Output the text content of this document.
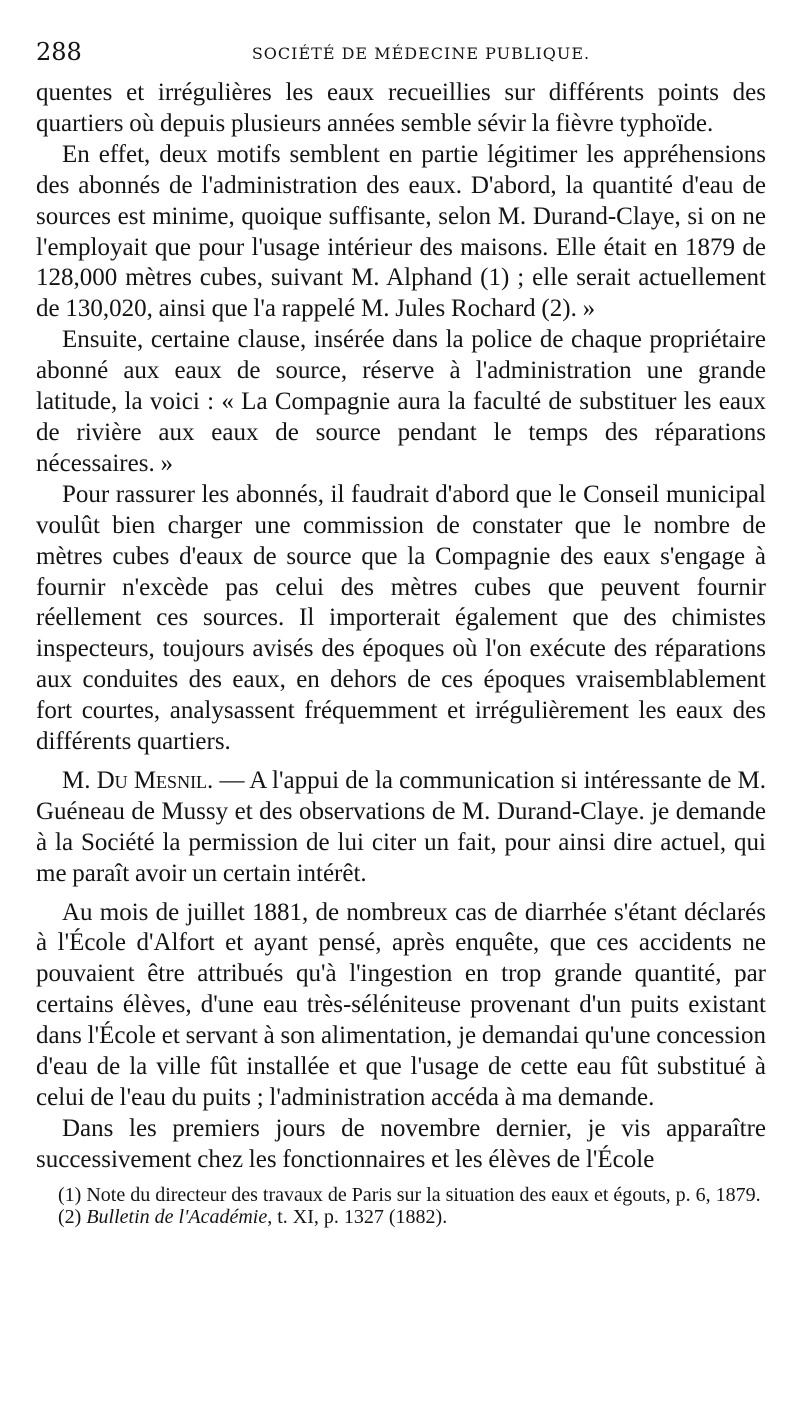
288	SOCIÉTÉ DE MÉDECINE PUBLIQUE.

quentes et irrégulières les eaux recueillies sur différents points des quartiers où depuis plusieurs années semble sévir la fièvre typhoïde.

En effet, deux motifs semblent en partie légitimer les appréhensions des abonnés de l'administration des eaux. D'abord, la quantité d'eau de sources est minime, quoique suffisante, selon M. Durand-Claye, si on ne l'employait que pour l'usage intérieur des maisons. Elle était en 1879 de 128,000 mètres cubes, suivant M. Alphand (1) ; elle serait actuellement de 130,020, ainsi que l'a rappelé M. Jules Rochard (2). »

Ensuite, certaine clause, insérée dans la police de chaque propriétaire abonné aux eaux de source, réserve à l'administration une grande latitude, la voici : « La Compagnie aura la faculté de substituer les eaux de rivière aux eaux de source pendant le temps des réparations nécessaires. »

Pour rassurer les abonnés, il faudrait d'abord que le Conseil municipal voulût bien charger une commission de constater que le nombre de mètres cubes d'eaux de source que la Compagnie des eaux s'engage à fournir n'excède pas celui des mètres cubes que peuvent fournir réellement ces sources. Il importerait également que des chimistes inspecteurs, toujours avisés des époques où l'on exécute des réparations aux conduites des eaux, en dehors de ces époques vraisemblablement fort courtes, analysassent fréquemment et irrégulièrement les eaux des différents quartiers.

M. Du Mesnil. — A l'appui de la communication si intéressante de M. Guéneau de Mussy et des observations de M. Durand-Claye. je demande à la Société la permission de lui citer un fait, pour ainsi dire actuel, qui me paraît avoir un certain intérêt.

Au mois de juillet 1881, de nombreux cas de diarrhée s'étant déclarés à l'École d'Alfort et ayant pensé, après enquête, que ces accidents ne pouvaient être attribués qu'à l'ingestion en trop grande quantité, par certains élèves, d'une eau très-séléniteuse provenant d'un puits existant dans l'École et servant à son alimentation, je demandai qu'une concession d'eau de la ville fût installée et que l'usage de cette eau fût substitué à celui de l'eau du puits ; l'administration accéda à ma demande.

Dans les premiers jours de novembre dernier, je vis apparaître successivement chez les fonctionnaires et les élèves de l'École

(1) Note du directeur des travaux de Paris sur la situation des eaux et égouts, p. 6, 1879.

(2) Bulletin de l'Académie, t. XI, p. 1327 (1882).
